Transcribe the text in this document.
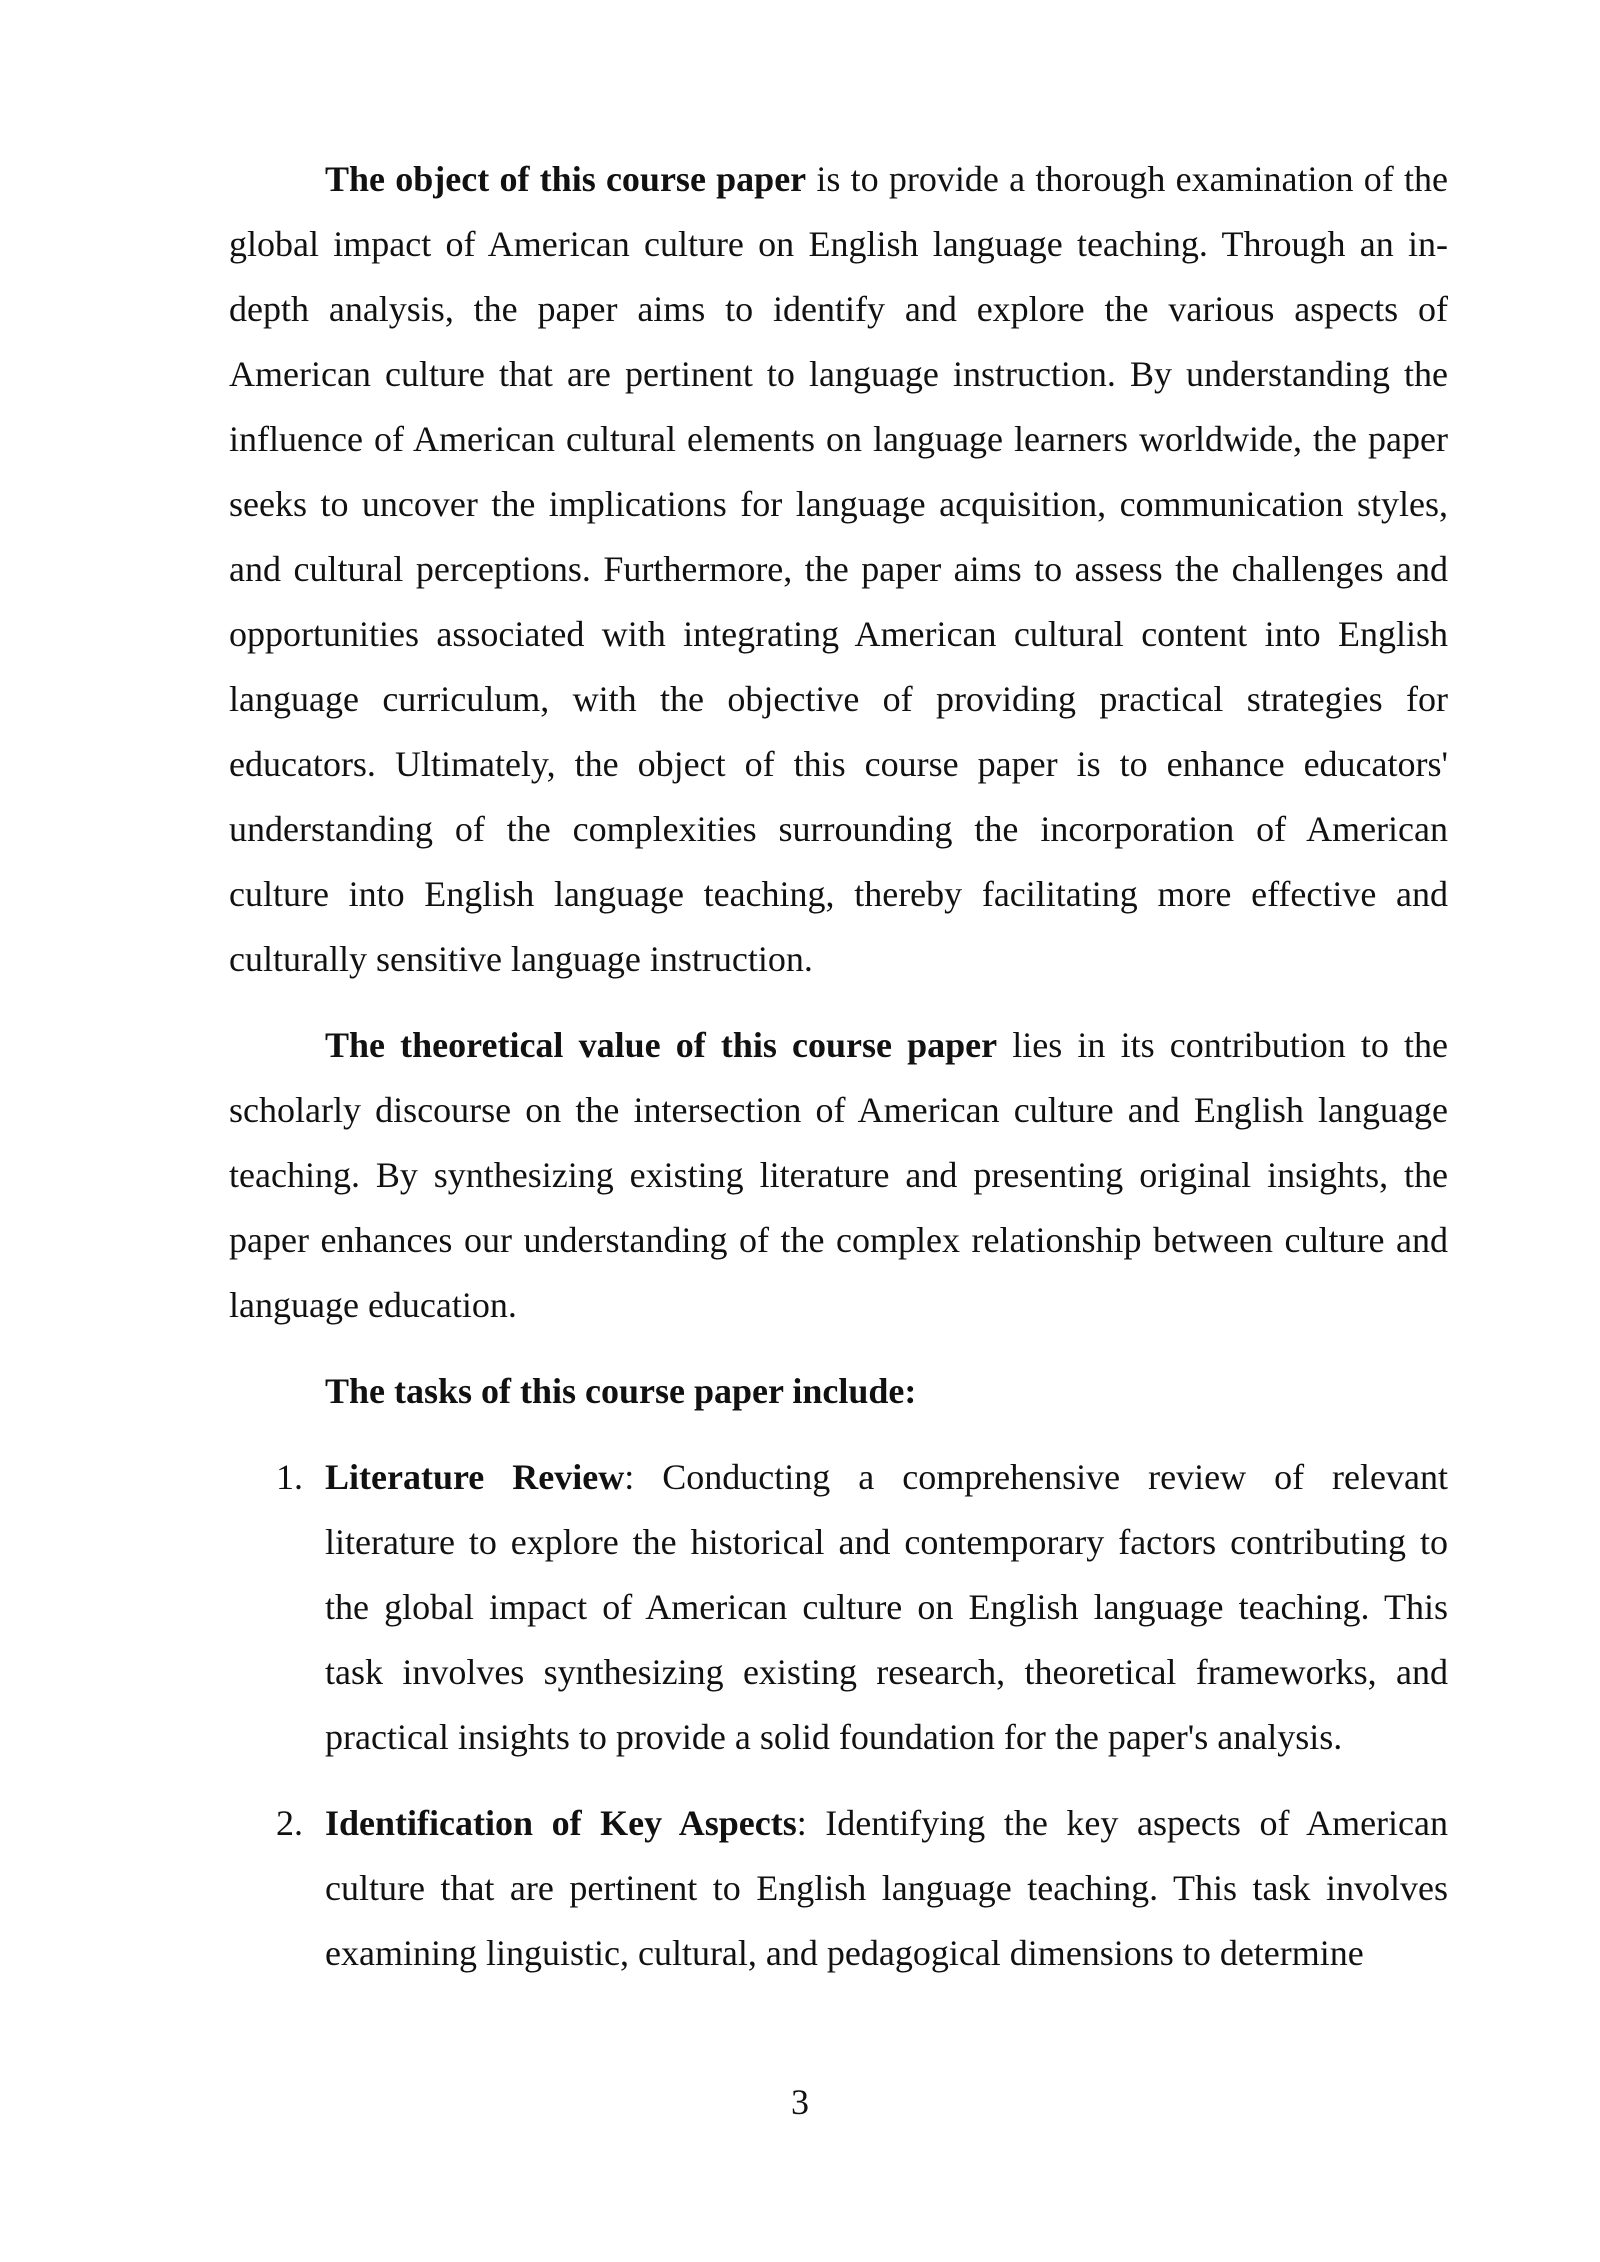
The object of this course paper is to provide a thorough examination of the global impact of American culture on English language teaching. Through an in-depth analysis, the paper aims to identify and explore the various aspects of American culture that are pertinent to language instruction. By understanding the influence of American cultural elements on language learners worldwide, the paper seeks to uncover the implications for language acquisition, communication styles, and cultural perceptions. Furthermore, the paper aims to assess the challenges and opportunities associated with integrating American cultural content into English language curriculum, with the objective of providing practical strategies for educators. Ultimately, the object of this course paper is to enhance educators' understanding of the complexities surrounding the incorporation of American culture into English language teaching, thereby facilitating more effective and culturally sensitive language instruction.

The theoretical value of this course paper lies in its contribution to the scholarly discourse on the intersection of American culture and English language teaching. By synthesizing existing literature and presenting original insights, the paper enhances our understanding of the complex relationship between culture and language education.

The tasks of this course paper include:

1. Literature Review: Conducting a comprehensive review of relevant literature to explore the historical and contemporary factors contributing to the global impact of American culture on English language teaching. This task involves synthesizing existing research, theoretical frameworks, and practical insights to provide a solid foundation for the paper's analysis.
2. Identification of Key Aspects: Identifying the key aspects of American culture that are pertinent to English language teaching. This task involves examining linguistic, cultural, and pedagogical dimensions to determine
3
